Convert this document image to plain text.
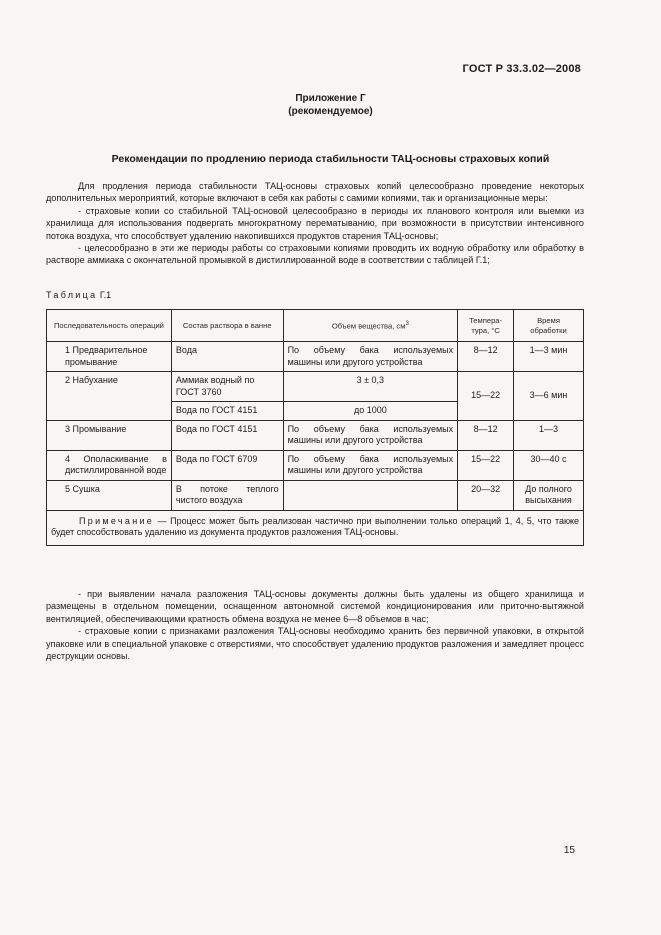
ГОСТ Р 33.3.02—2008
Приложение Г
(рекомендуемое)
Рекомендации по продлению периода стабильности ТАЦ-основы страховых копий

Для продления периода стабильности ТАЦ-основы страховых копий целесообразно проведение некоторых дополнительных мероприятий, которые включают в себя как работы с самими копиями, так и организационные меры:

- страховые копии со стабильной ТАЦ-основой целесообразно в периоды их планового контроля или выемки из хранилища для использования подвергать многократному перематыванию, при возможности в присутствии интенсивного потока воздуха, что способствует удалению накопившихся продуктов старения ТАЦ-основы;

- целесообразно в эти же периоды работы со страховыми копиями проводить их водную обработку или обработку в растворе аммиака с окончательной промывкой в дистиллированной воде в соответствии с таблицей Г.1;

Таблица Г.1
Последовательность операций	Состав раствора в ванне	Объем вещества, $см^3$	Темпера-тура, °С	Время обработки
1 Предварительное промывание	Вода	По объему бака используемых машины или другого устройства	8—12	1—3 мин
2 Набухание	Аммиак водный по ГОСТ 3760	3 ± 0,3	15—22	3—6 мин
	Вода по ГОСТ 4151	до 1000		
3 Промывание	Вода по ГОСТ 4151	По объему бака используемых машины или другого устройства	8—12	1—3
4 Ополаскивание в дистиллированной воде	Вода по ГОСТ 6709	По объему бака используемых машины или другого устройства	15—22	30—40 с
5 Сушка	В потоке теплого чистого воздуха		20—32	До полного высыхания
Примечание — Процесс может быть реализован частично при выполнении только операций 1, 4, 5, что также будет способствовать удалению из документа продуктов разложения ТАЦ-основы.				

- при выявлении начала разложения ТАЦ-основы документы должны быть удалены из общего хранилища и размещены в отдельном помещении, оснащенном автономной системой кондиционирования или приточно-вытяжной вентиляцией, обеспечивающими кратность обмена воздуха не менее 6—8 объемов в час;

- страховые копии с признаками разложения ТАЦ-основы необходимо хранить без первичной упаковки, в открытой упаковке или в специальной упаковке с отверстиями, что способствует удалению продуктов разложения и замедляет процесс деструкции основы.

15
